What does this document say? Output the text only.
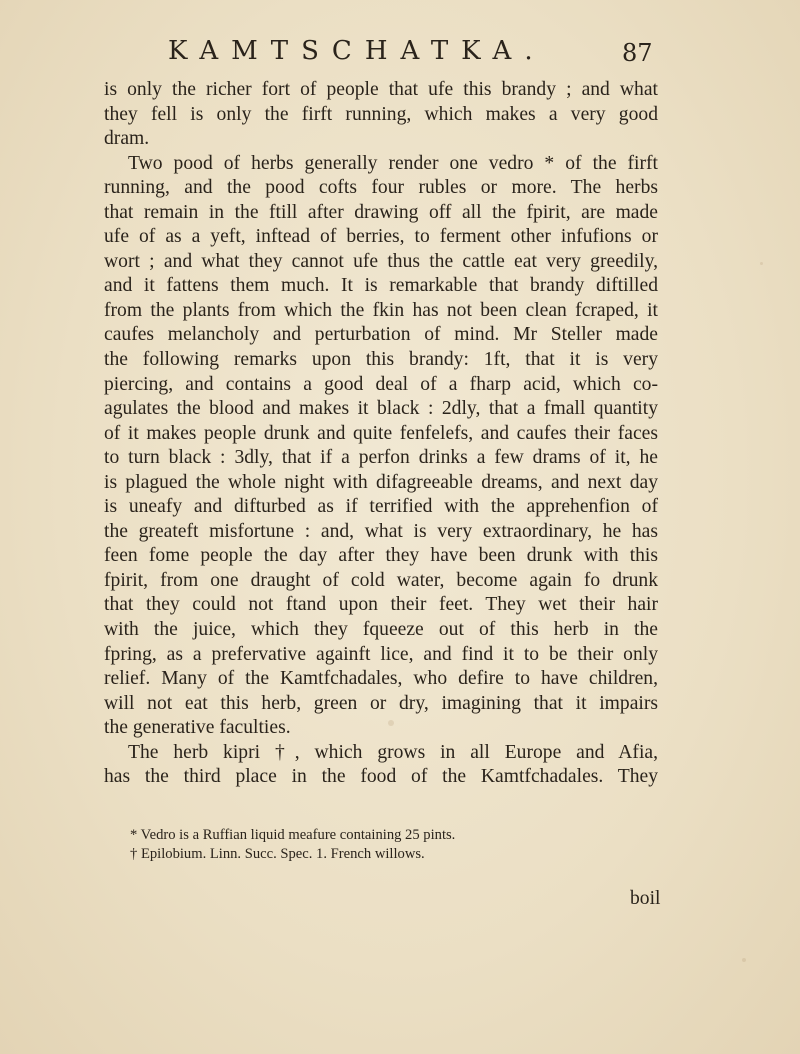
KAMTSCHATKA.	87
is only the richer fort of people that ufe this brandy ; and what
they fell is only the firft running, which makes a very good
dram.
Two pood of herbs generally render one vedro * of the firft
running, and the pood cofts four rubles or more. The herbs
that remain in the ftill after drawing off all the fpirit, are made
ufe of as a yeft, inftead of berries, to ferment other infufions or
wort ; and what they cannot ufe thus the cattle eat very greedily,
and it fattens them much. It is remarkable that brandy diftilled
from the plants from which the fkin has not been clean fcraped, it
caufes melancholy and perturbation of mind. Mr Steller made
the following remarks upon this brandy: 1ft, that it is very
piercing, and contains a good deal of a fharp acid, which co-
agulates the blood and makes it black : 2dly, that a fmall quantity
of it makes people drunk and quite fenfelefs, and caufes their faces
to turn black : 3dly, that if a perfon drinks a few drams of it, he
is plagued the whole night with difagreeable dreams, and next day
is uneafy and difturbed as if terrified with the apprehenfion of
the greateft misfortune : and, what is very extraordinary, he has
feen fome people the day after they have been drunk with this
fpirit, from one draught of cold water, become again fo drunk
that they could not ftand upon their feet. They wet their hair
with the juice, which they fqueeze out of this herb in the
fpring, as a prefervative againft lice, and find it to be their only
relief. Many of the Kamtfchadales, who defire to have children,
will not eat this herb, green or dry, imagining that it impairs
the generative faculties.
The herb kipri †, which grows in all Europe and Afia,
has the third place in the food of the Kamtfchadales. They
* Vedro is a Ruffian liquid meafure containing 25 pints.
† Epilobium. Linn. Succ. Spec. 1. French willows.
boil
